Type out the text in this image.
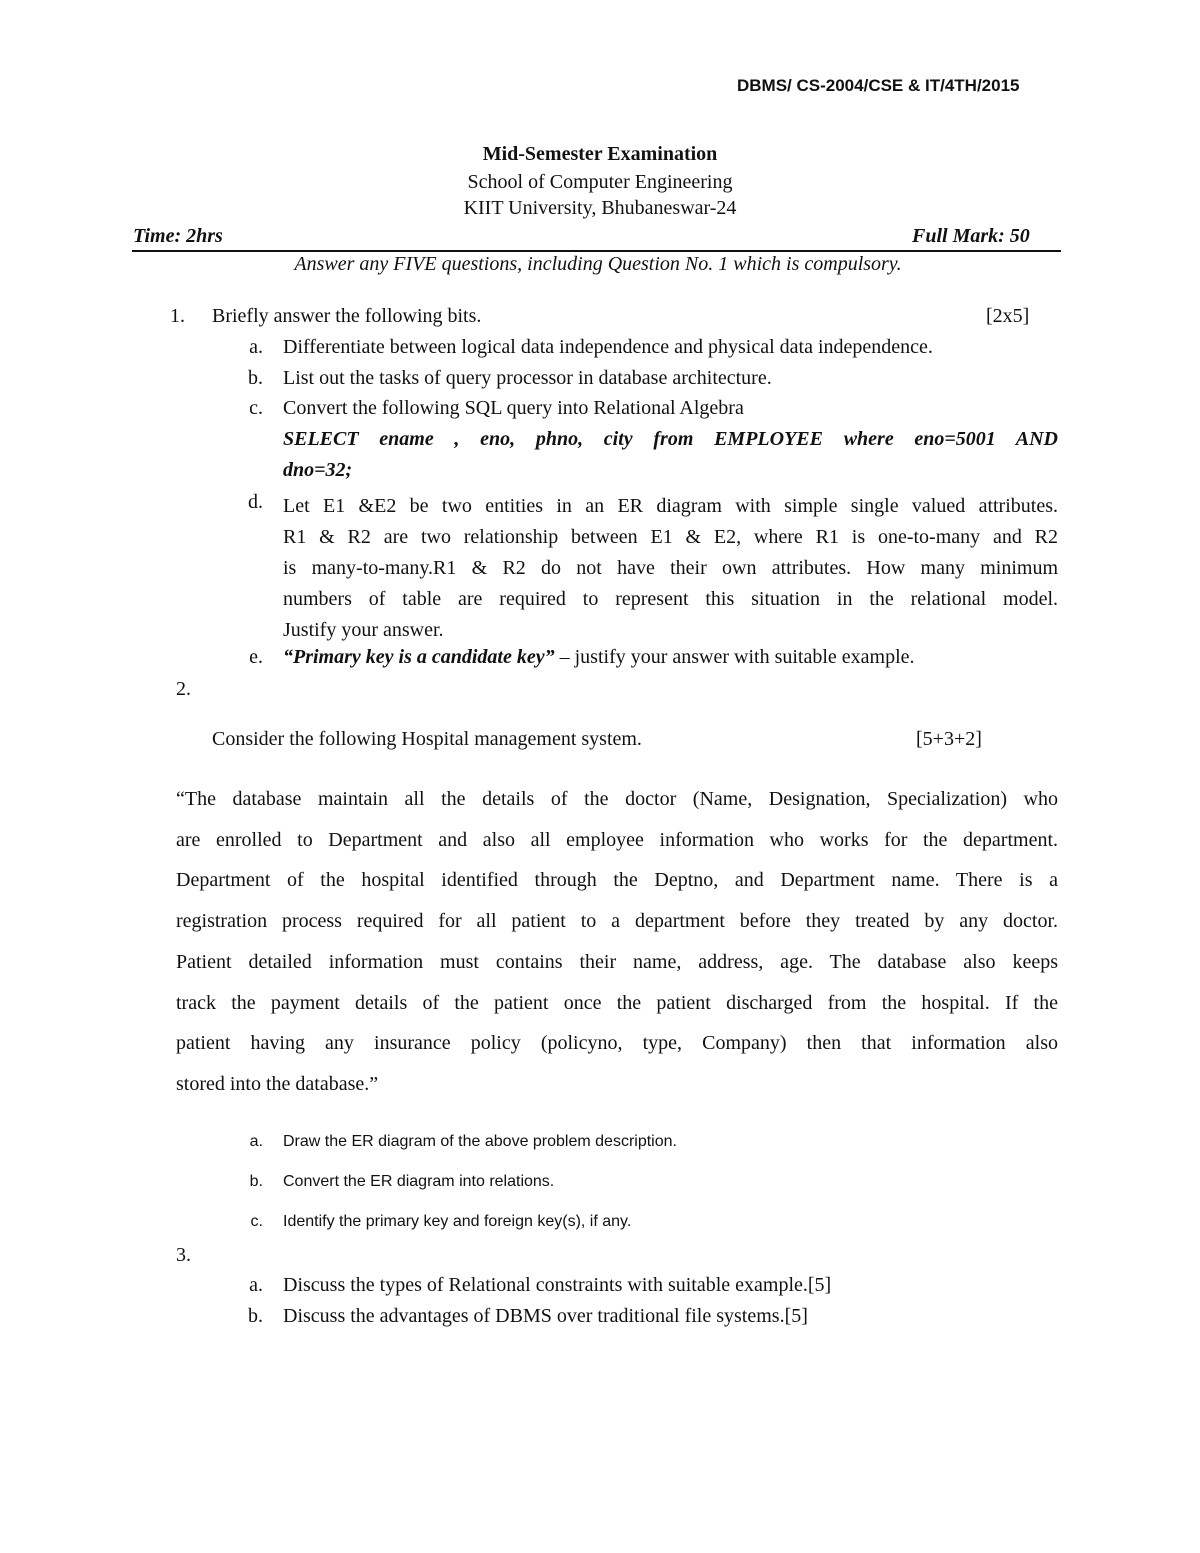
DBMS/ CS-2004/CSE & IT/4TH/2015
Mid-Semester Examination
School of Computer Engineering
KIIT University, Bhubaneswar-24
Time: 2hrs	Full Mark: 50
Answer any FIVE questions, including Question No. 1 which is compulsory.
1. Briefly answer the following bits.	[2x5]
a. Differentiate between logical data independence and physical data independence.
b. List out the tasks of query processor in database architecture.
c. Convert the following SQL query into Relational Algebra
SELECT ename , eno, phno, city from EMPLOYEE where eno=5001 AND
dno=32;
d. Let E1 &E2 be two entities in an ER diagram with simple single valued attributes.
R1 & R2 are two relationship between E1 & E2, where R1 is one-to-many and R2
is many-to-many.R1 & R2 do not have their own attributes. How many minimum
numbers of table are required to represent this situation in the relational model.
Justify your answer.
e. “Primary key is a candidate key” – justify your answer with suitable example.
2.
Consider the following Hospital management system.	[5+3+2]
“The database maintain all the details of the doctor (Name, Designation, Specialization) who
are enrolled to Department and also all employee information who works for the department.
Department of the hospital identified through the Deptno, and Department name. There is a
registration process required for all patient to a department before they treated by any doctor.
Patient detailed information must contains their name, address, age. The database also keeps
track the payment details of the patient once the patient discharged from the hospital. If the
patient having any insurance policy (policyno, type, Company) then that information also
stored into the database.”
a. Draw the ER diagram of the above problem description.
b. Convert the ER diagram into relations.
c. Identify the primary key and foreign key(s), if any.
3.
a. Discuss the types of Relational constraints with suitable example.[5]
b. Discuss the advantages of DBMS over traditional file systems.[5]
